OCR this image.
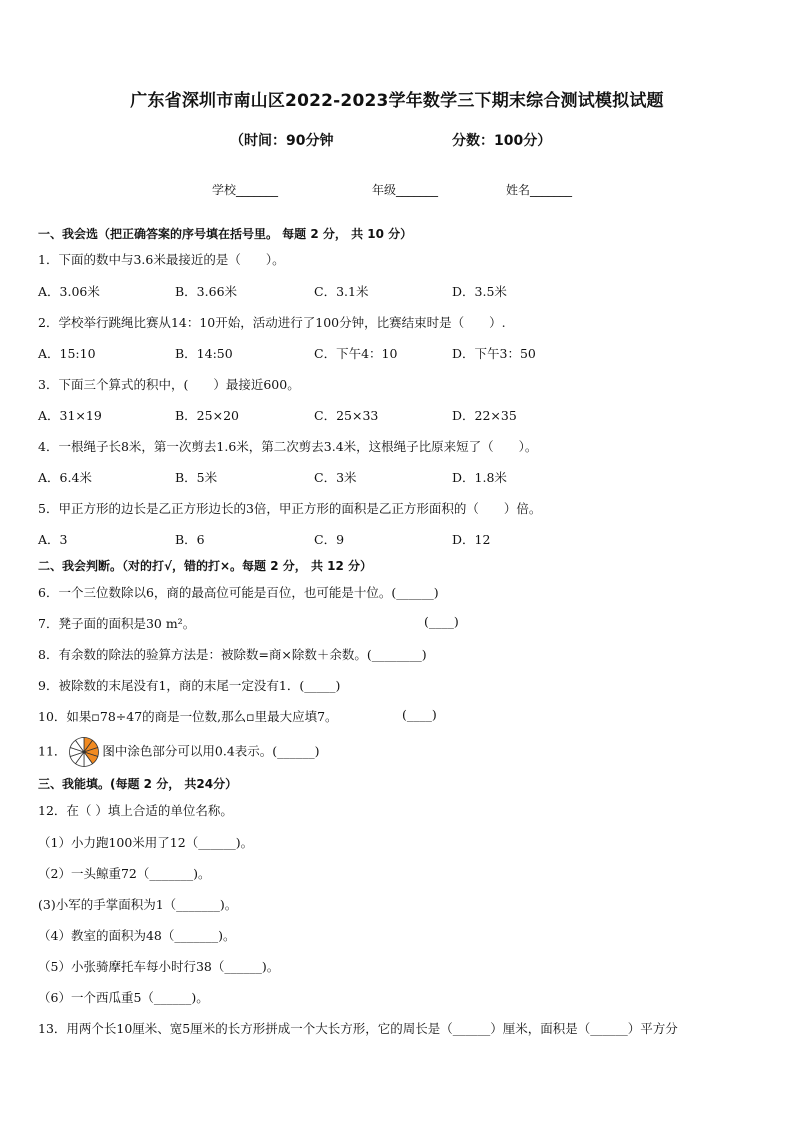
广东省深圳市南山区2022-2023学年数学三下期末综合测试模拟试题
（时间：90分钟	分数：100分）
学校_______	年级_______	姓名_______
一、我会选（把正确答案的序号填在括号里。 每题 2 分， 共 10 分）
1．下面的数中与3.6米最接近的是（　　）。
A．3.06米	B．3.66米	C．3.1米	D．3.5米
2．学校举行跳绳比赛从14：10开始，活动进行了100分钟，比赛结束时是（　　）.
A．15:10	B．14:50	C．下午4：10	D．下午3：50
3．下面三个算式的积中，(　　）最接近600。
A．31×19	B．25×20	C．25×33	D．22×35
4．一根绳子长8米，第一次剪去1.6米，第二次剪去3.4米，这根绳子比原来短了（　　）。
A．6.4米	B．5米	C．3米	D．1.8米
5．甲正方形的边长是乙正方形边长的3倍，甲正方形的面积是乙正方形面积的（　　）倍。
A．3	B．6	C．9	D．12
二、我会判断。（对的打√，错的打×。每题 2 分， 共 12 分）
6．一个三位数除以6，商的最高位可能是百位，也可能是十位。(______)
7．凳子面的面积是30 m²。	(____)
8．有余数的除法的验算方法是：被除数=商×除数＋余数。(________)
9．被除数的末尾没有1，商的末尾一定没有1．(_____)
10．如果▫78÷47的商是一位数,那么▫里最大应填7。	(____)
11．	图中涂色部分可以用0.4表示。(______)
三、我能填。(每题 2 分， 共24分）
12．在（ ）填上合适的单位名称。
（1）小力跑100米用了12（______)。
（2）一头鲸重72（_______)。
(3)小军的手掌面积为1（_______)。
（4）教室的面积为48（_______)。
（5）小张骑摩托车每小时行38（______)。
（6）一个西瓜重5（______)。
13．用两个长10厘米、宽5厘米的长方形拼成一个大长方形，它的周长是（______）厘米，面积是（______）平方分
